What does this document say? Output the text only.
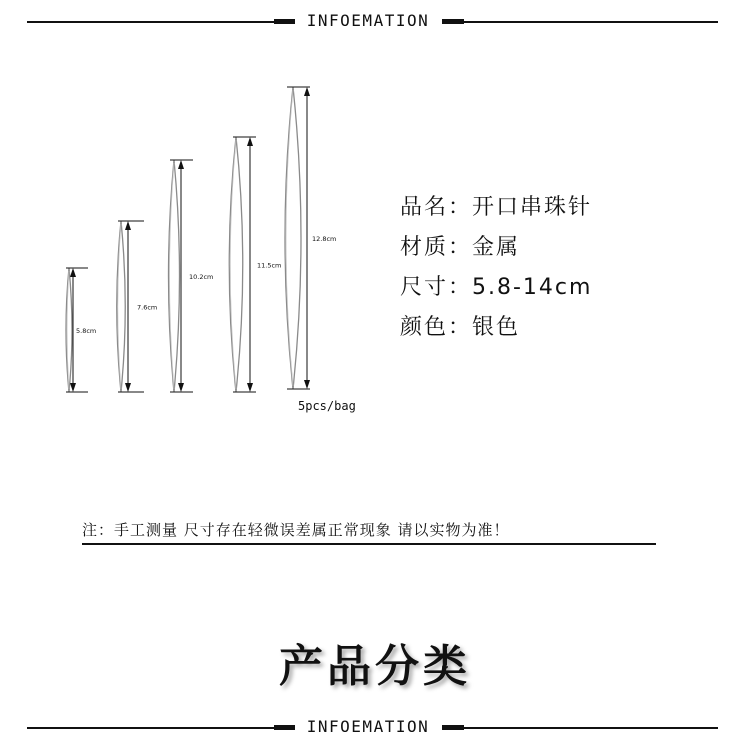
INFOEMATION
5.8cm
7.6cm
10.2cm
11.5cm
12.8cm
5pcs/bag
品名：开口串珠针
材质：金属
尺寸：5.8-14cm
颜色：银色
注：手工测量 尺寸存在轻微误差属正常现象 请以实物为准！
产品分类
INFOEMATION
